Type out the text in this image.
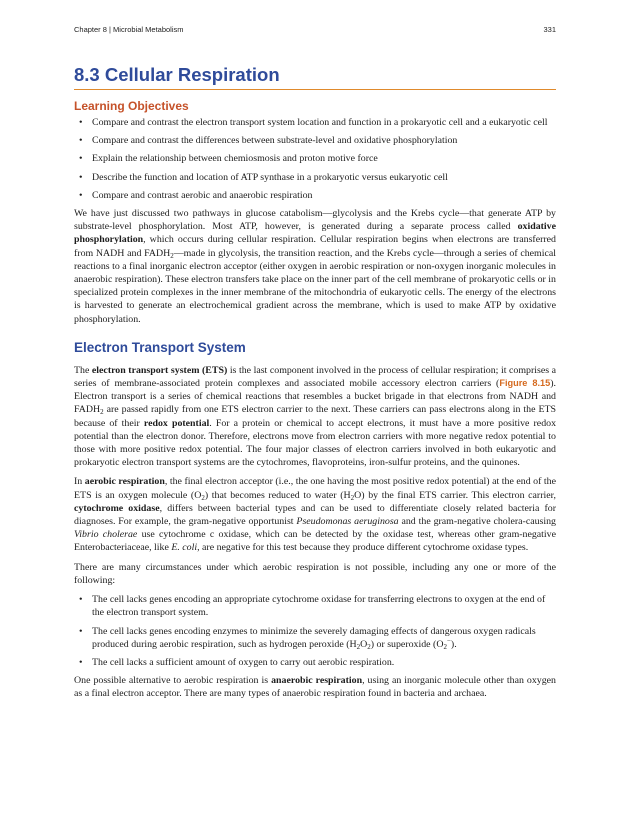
Chapter 8 | Microbial Metabolism	331
8.3 Cellular Respiration
Learning Objectives
• Compare and contrast the electron transport system location and function in a prokaryotic cell and a eukaryotic cell
• Compare and contrast the differences between substrate-level and oxidative phosphorylation
• Explain the relationship between chemiosmosis and proton motive force
• Describe the function and location of ATP synthase in a prokaryotic versus eukaryotic cell
• Compare and contrast aerobic and anaerobic respiration

We have just discussed two pathways in glucose catabolism—glycolysis and the Krebs cycle—that generate ATP by substrate-level phosphorylation. Most ATP, however, is generated during a separate process called oxidative phosphorylation, which occurs during cellular respiration. Cellular respiration begins when electrons are transferred from NADH and $FADH_2—made$ in glycolysis, the transition reaction, and the Krebs cycle—through a series of chemical reactions to a final inorganic electron acceptor (either oxygen in aerobic respiration or non-oxygen inorganic molecules in anaerobic respiration). These electron transfers take place on the inner part of the cell membrane of prokaryotic cells or in specialized protein complexes in the inner membrane of the mitochondria of eukaryotic cells. The energy of the electrons is harvested to generate an electrochemical gradient across the membrane, which is used to make ATP by oxidative phosphorylation.

Electron Transport System

The electron transport system (ETS) is the last component involved in the process of cellular respiration; it comprises a series of membrane-associated protein complexes and associated mobile accessory electron carriers (Figure 8.15). Electron transport is a series of chemical reactions that resembles a bucket brigade in that electrons from NADH and $FADH_2$ are passed rapidly from one ETS electron carrier to the next. These carriers can pass electrons along in the ETS because of their redox potential. For a protein or chemical to accept electrons, it must have a more positive redox potential than the electron donor. Therefore, electrons move from electron carriers with more negative redox potential to those with more positive redox potential. The four major classes of electron carriers involved in both eukaryotic and prokaryotic electron transport systems are the cytochromes, flavoproteins, iron-sulfur proteins, and the quinones.

In aerobic respiration, the final electron acceptor (i.e., the one having the most positive redox potential) at the end of the ETS is an oxygen molecule $(O_2)$ that becomes reduced to water $(H_2O)$ by the final ETS carrier. This electron carrier, cytochrome oxidase, differs between bacterial types and can be used to differentiate closely related bacteria for diagnoses. For example, the gram-negative opportunist Pseudomonas aeruginosa and the gram-negative cholera-causing Vibrio cholerae use cytochrome c oxidase, which can be detected by the oxidase test, whereas other gram-negative Enterobacteriaceae, like E. coli, are negative for this test because they produce different cytochrome oxidase types.

There are many circumstances under which aerobic respiration is not possible, including any one or more of the following:

• The cell lacks genes encoding an appropriate cytochrome oxidase for transferring electrons to oxygen at the end of the electron transport system.
• The cell lacks genes encoding enzymes to minimize the severely damaging effects of dangerous oxygen radicals produced during aerobic respiration, such as hydrogen peroxide $(H_2O_2)$ or superoxide $(O_2^-)$.
• The cell lacks a sufficient amount of oxygen to carry out aerobic respiration.

One possible alternative to aerobic respiration is anaerobic respiration, using an inorganic molecule other than oxygen as a final electron acceptor. There are many types of anaerobic respiration found in bacteria and archaea.
